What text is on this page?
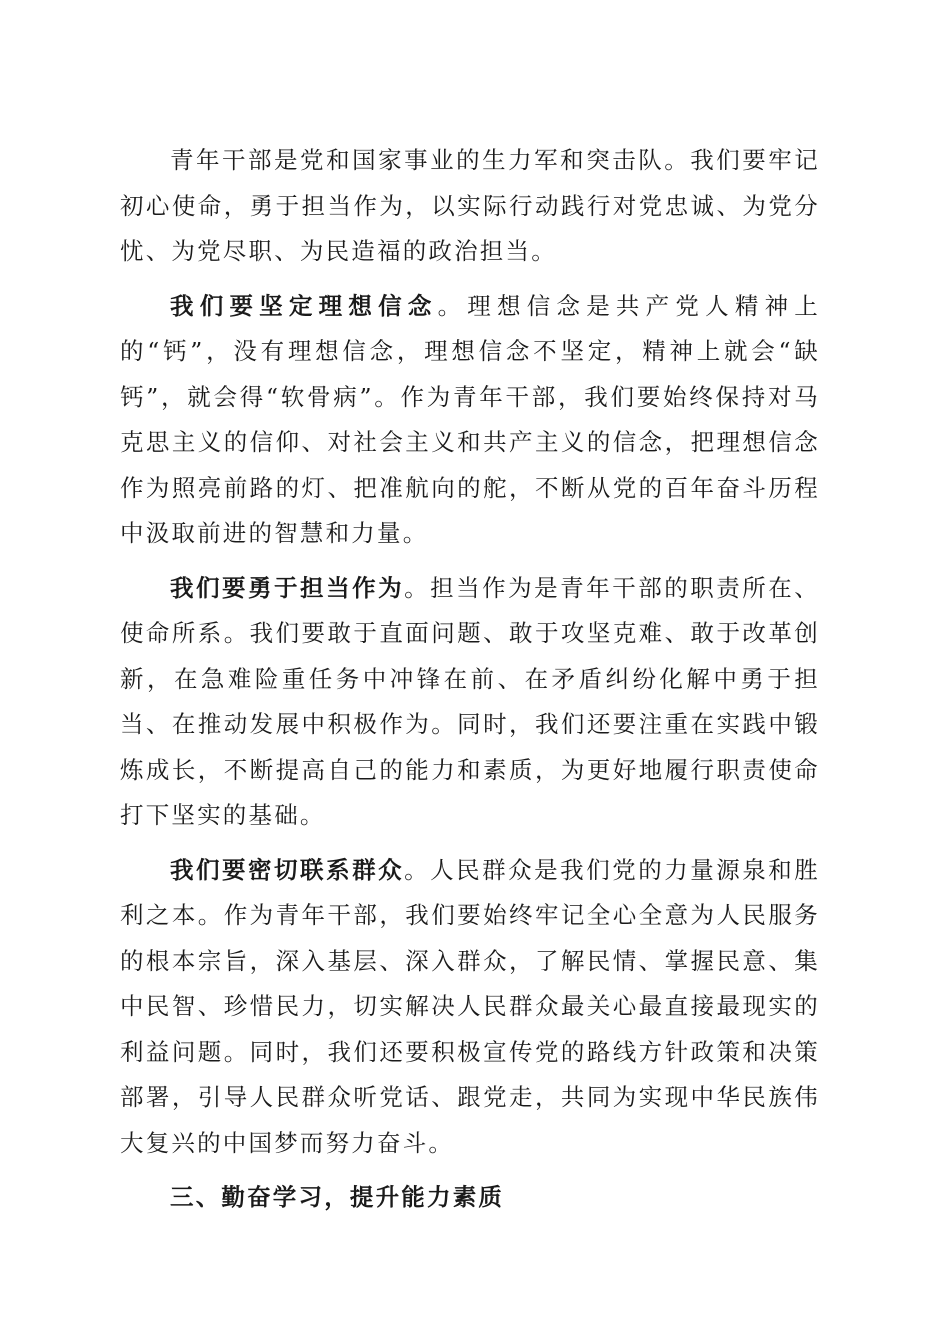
青年干部是党和国家事业的生力军和突击队。我们要牢记初心使命，勇于担当作为，以实际行动践行对党忠诚、为党分忧、为党尽职、为民造福的政治担当。

我们要坚定理想信念。理想信念是共产党人精神上的“钙”，没有理想信念，理想信念不坚定，精神上就会“缺钙”，就会得“软骨病”。作为青年干部，我们要始终保持对马克思主义的信仰、对社会主义和共产主义的信念，把理想信念作为照亮前路的灯、把准航向的舵，不断从党的百年奋斗历程中汲取前进的智慧和力量。

我们要勇于担当作为。担当作为是青年干部的职责所在、使命所系。我们要敢于直面问题、敢于攻坚克难、敢于改革创新，在急难险重任务中冲锋在前、在矛盾纠纷化解中勇于担当、在推动发展中积极作为。同时，我们还要注重在实践中锻炼成长，不断提高自己的能力和素质，为更好地履行职责使命打下坚实的基础。

我们要密切联系群众。人民群众是我们党的力量源泉和胜利之本。作为青年干部，我们要始终牢记全心全意为人民服务的根本宗旨，深入基层、深入群众，了解民情、掌握民意、集中民智、珍惜民力，切实解决人民群众最关心最直接最现实的利益问题。同时，我们还要积极宣传党的路线方针政策和决策部署，引导人民群众听党话、跟党走，共同为实现中华民族伟大复兴的中国梦而努力奋斗。

三、勤奋学习，提升能力素质
